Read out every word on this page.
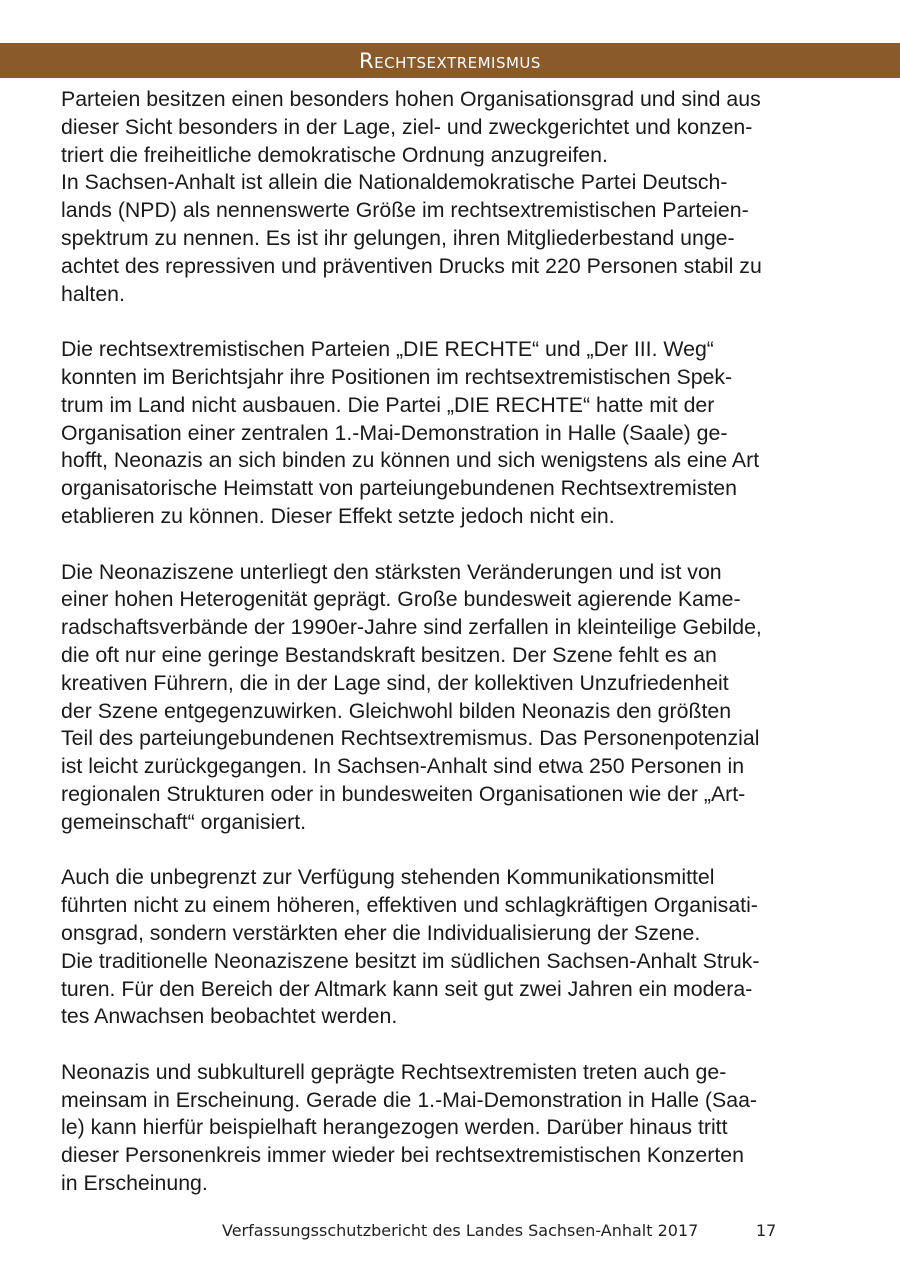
Rechtsextremismus

Parteien besitzen einen besonders hohen Organisationsgrad und sind aus
dieser Sicht besonders in der Lage, ziel- und zweckgerichtet und konzen-
triert die freiheitliche demokratische Ordnung anzugreifen.
In Sachsen-Anhalt ist allein die Nationaldemokratische Partei Deutsch-
lands (NPD) als nennenswerte Größe im rechtsextremistischen Parteien-
spektrum zu nennen. Es ist ihr gelungen, ihren Mitgliederbestand unge-
achtet des repressiven und präventiven Drucks mit 220 Personen stabil zu
halten.

Die rechtsextremistischen Parteien „DIE RECHTE“ und „Der III. Weg“
konnten im Berichtsjahr ihre Positionen im rechtsextremistischen Spek-
trum im Land nicht ausbauen. Die Partei „DIE RECHTE“ hatte mit der
Organisation einer zentralen 1.-Mai-Demonstration in Halle (Saale) ge-
hofft, Neonazis an sich binden zu können und sich wenigstens als eine Art
organisatorische Heimstatt von parteiungebundenen Rechtsextremisten
etablieren zu können. Dieser Effekt setzte jedoch nicht ein.

Die Neonaziszene unterliegt den stärksten Veränderungen und ist von
einer hohen Heterogenität geprägt. Große bundesweit agierende Kame-
radschaftsverbände der 1990er-Jahre sind zerfallen in kleinteilige Gebilde,
die oft nur eine geringe Bestandskraft besitzen. Der Szene fehlt es an
kreativen Führern, die in der Lage sind, der kollektiven Unzufriedenheit
der Szene entgegenzuwirken. Gleichwohl bilden Neonazis den größten
Teil des parteiungebundenen Rechtsextremismus. Das Personenpotenzial
ist leicht zurückgegangen. In Sachsen-Anhalt sind etwa 250 Personen in
regionalen Strukturen oder in bundesweiten Organisationen wie der „Art-
gemeinschaft“ organisiert.

Auch die unbegrenzt zur Verfügung stehenden Kommunikationsmittel
führten nicht zu einem höheren, effektiven und schlagkräftigen Organisati-
onsgrad, sondern verstärkten eher die Individualisierung der Szene.
Die traditionelle Neonaziszene besitzt im südlichen Sachsen-Anhalt Struk-
turen. Für den Bereich der Altmark kann seit gut zwei Jahren ein modera-
tes Anwachsen beobachtet werden.

Neonazis und subkulturell geprägte Rechtsextremisten treten auch ge-
meinsam in Erscheinung. Gerade die 1.-Mai-Demonstration in Halle (Saa-
le) kann hierfür beispielhaft herangezogen werden. Darüber hinaus tritt
dieser Personenkreis immer wieder bei rechtsextremistischen Konzerten
in Erscheinung.

Verfassungsschutzbericht des Landes Sachsen-Anhalt 2017	17
